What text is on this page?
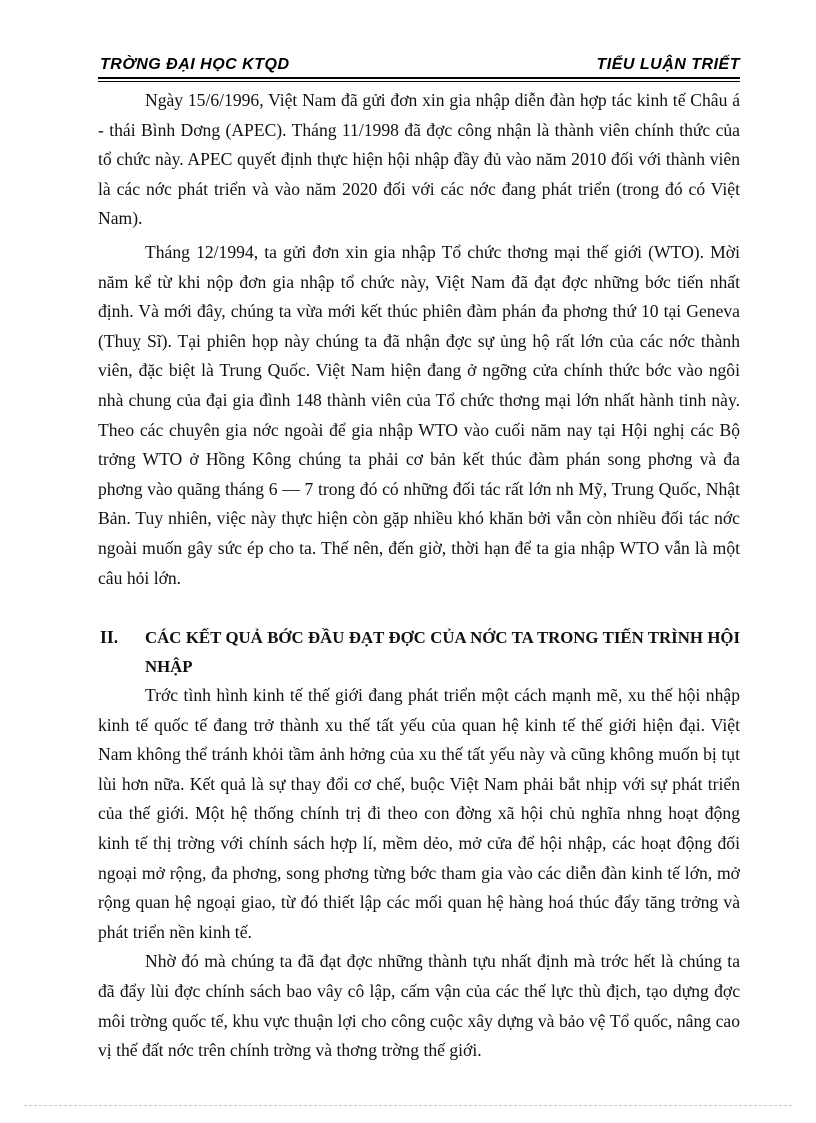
TRỜNG ĐẠI HỌC KTQD	TIỂU LUẬN TRIẾT

Ngày 15/6/1996, Việt Nam đã gửi đơn xin gia nhập diễn đàn hợp tác kinh tế Châu á - thái Bình Dơng (APEC). Tháng 11/1998 đã đợc công nhận là thành viên chính thức của tổ chức này. APEC quyết định thực hiện hội nhập đầy đủ vào năm 2010 đối với thành viên là các nớc phát triển và vào năm 2020 đối với các nớc đang phát triển (trong đó có Việt Nam).

Tháng 12/1994, ta gửi đơn xin gia nhập Tổ chức thơng mại thế giới (WTO). Mời năm kể từ khi nộp đơn gia nhập tổ chức này, Việt Nam đã đạt đợc những bớc tiến nhất định. Và mới đây, chúng ta vừa mới kết thúc phiên đàm phán đa phơng thứ 10 tại Geneva (Thuỵ Sĩ). Tại phiên họp này chúng ta đã nhận đợc sự ủng hộ rất lớn của các nớc thành viên, đặc biệt là Trung Quốc. Việt Nam hiện đang ở ngỡng cửa chính thức bớc vào ngôi nhà chung của đại gia đình 148 thành viên của Tổ chức thơng mại lớn nhất hành tinh này. Theo các chuyên gia nớc ngoài để gia nhập WTO vào cuối năm nay tại Hội nghị các Bộ trởng WTO ở Hồng Kông chúng ta phải cơ bản kết thúc đàm phán song phơng và đa phơng vào quãng tháng 6 — 7 trong đó có những đối tác rất lớn nh Mỹ, Trung Quốc, Nhật Bản. Tuy nhiên, việc này thực hiện còn gặp nhiều khó khăn bởi vẫn còn nhiều đối tác nớc ngoài muốn gây sức ép cho ta. Thế nên, đến giờ, thời hạn để ta gia nhập WTO vẫn là một câu hỏi lớn.

II.	CÁC KẾT QUẢ BỚC ĐẦU ĐẠT ĐỢC CỦA NỚC TA TRONG TIẾN TRÌNH HỘI NHẬP

Trớc tình hình kinh tế thế giới đang phát triển một cách mạnh mẽ, xu thế hội nhập kinh tế quốc tế đang trở thành xu thế tất yếu của quan hệ kinh tế thế giới hiện đại. Việt Nam không thể tránh khỏi tầm ảnh hởng của xu thế tất yếu này và cũng không muốn bị tụt lùi hơn nữa. Kết quả là sự thay đổi cơ chế, buộc Việt Nam phải bắt nhịp với sự phát triển của thế giới. Một hệ thống chính trị đi theo con đờng xã hội chủ nghĩa nhng hoạt động kinh tế thị trờng với chính sách hợp lí, mềm dẻo, mở cửa để hội nhập, các hoạt động đối ngoại mở rộng, đa phơng, song phơng từng bớc tham gia vào các diễn đàn kinh tế lớn, mở rộng quan hệ ngoại giao, từ đó thiết lập các mối quan hệ hàng hoá thúc đẩy tăng trởng và phát triển nền kinh tế.

Nhờ đó mà chúng ta đã đạt đợc những thành tựu nhất định mà trớc hết là chúng ta đã đẩy lùi đợc chính sách bao vây cô lập, cấm vận của các thế lực thù địch, tạo dựng đợc môi trờng quốc tế, khu vực thuận lợi cho công cuộc xây dựng và bảo vệ Tổ quốc, nâng cao vị thế đất nớc trên chính trờng và thơng trờng thế giới.
